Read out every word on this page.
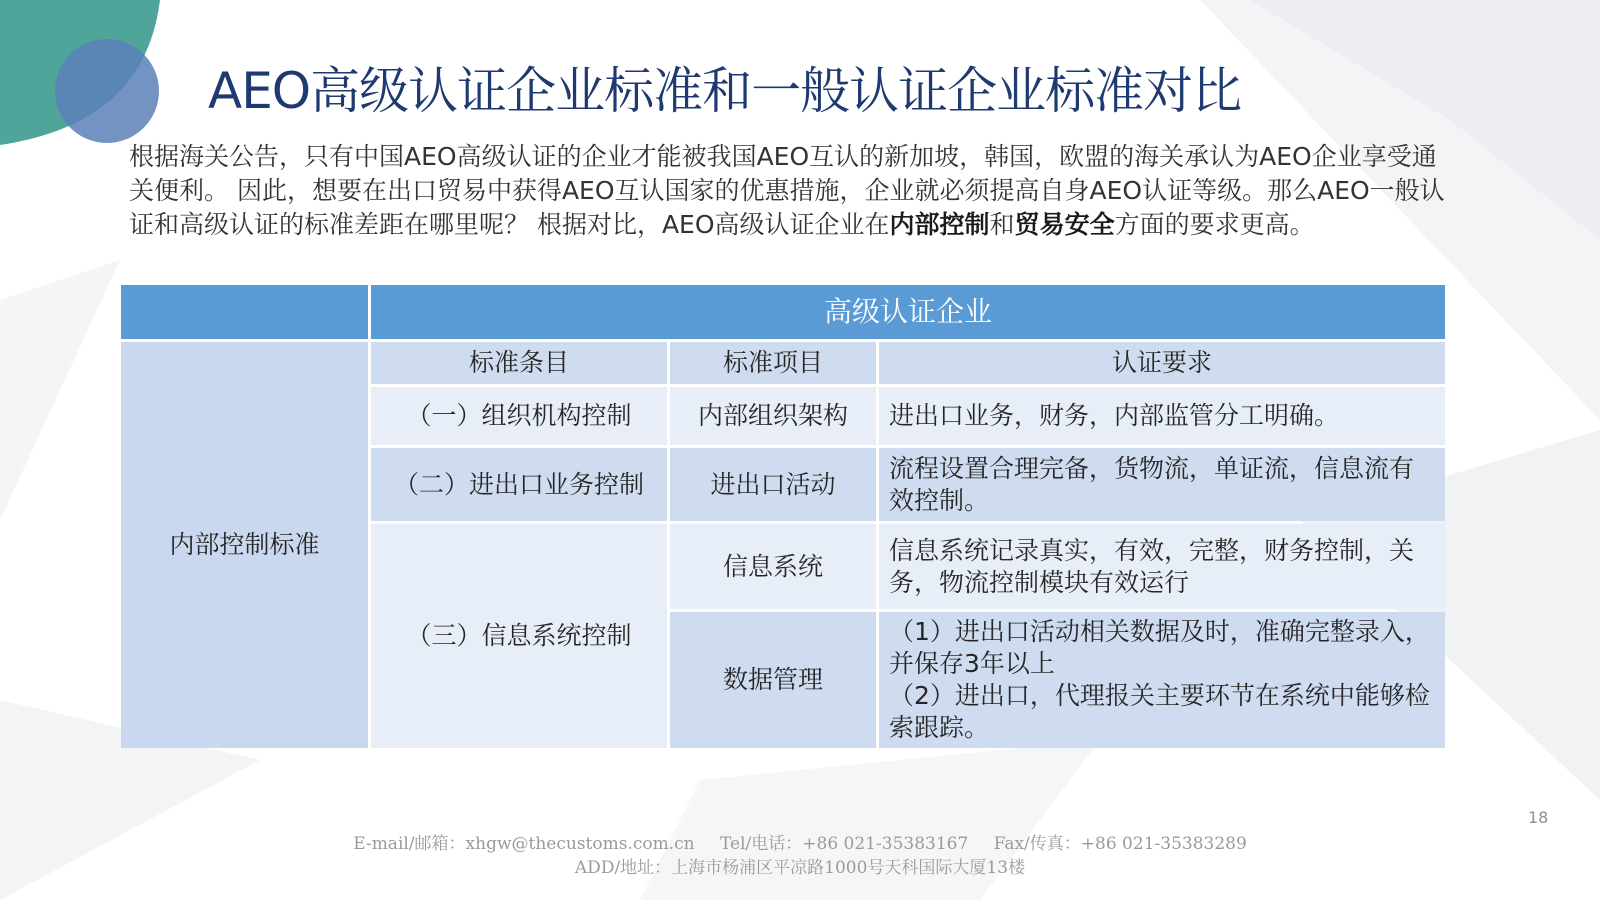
AEO高级认证企业标准和一般认证企业标准对比
根据海关公告，只有中国AEO高级认证的企业才能被我国AEO互认的新加坡，韩国，欧盟的海关承认为AEO企业享受通关便利。 因此，想要在出口贸易中获得AEO互认国家的优惠措施，企业就必须提高自身AEO认证等级。那么AEO一般认证和高级认证的标准差距在哪里呢？ 根据对比，AEO高级认证企业在内部控制和贸易安全方面的要求更高。
	高级认证企业		
内部控制标准	标准条目	标准项目	认证要求
	（一）组织机构控制	内部组织架构	进出口业务，财务，内部监管分工明确。
	（二）进出口业务控制	进出口活动	流程设置合理完备，货物流，单证流，信息流有效控制。
	（三）信息系统控制	信息系统	信息系统记录真实，有效，完整，财务控制，关务，物流控制模块有效运行
		数据管理	（1）进出口活动相关数据及时，准确完整录入，并保存3年以上
（2）进出口，代理报关主要环节在系统中能够检索跟踪。
18
E-mail/邮箱：xhgw@thecustoms.com.cn Tel/电话：+86 021-35383167 Fax/传真：+86 021-35383289
ADD/地址：上海市杨浦区平凉路1000号天科国际大厦13楼
